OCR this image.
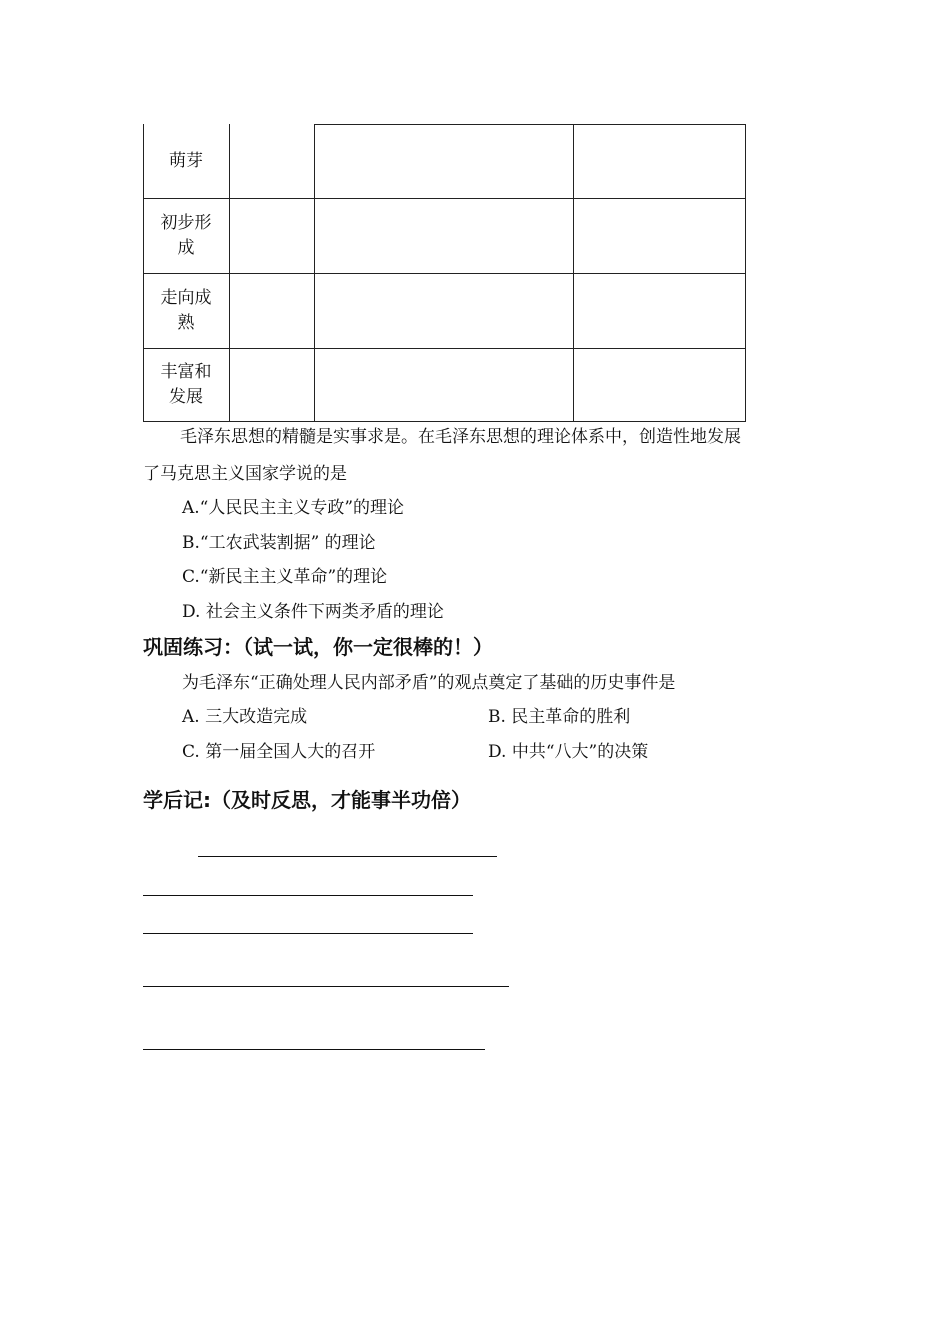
萌芽
初步形成
走向成熟
丰富和发展
毛泽东思想的精髓是实事求是。在毛泽东思想的理论体系中，创造性地发展
了马克思主义国家学说的是
A.“人民民主主义专政”的理论
B.“工农武装割据” 的理论
C.“新民主主义革命”的理论
D. 社会主义条件下两类矛盾的理论
巩固练习：（试一试，你一定很棒的！）
为毛泽东“正确处理人民内部矛盾”的观点奠定了基础的历史事件是
A. 三大改造完成	B. 民主革命的胜利
C. 第一届全国人大的召开	D. 中共“八大”的决策
学后记:（及时反思，才能事半功倍）
